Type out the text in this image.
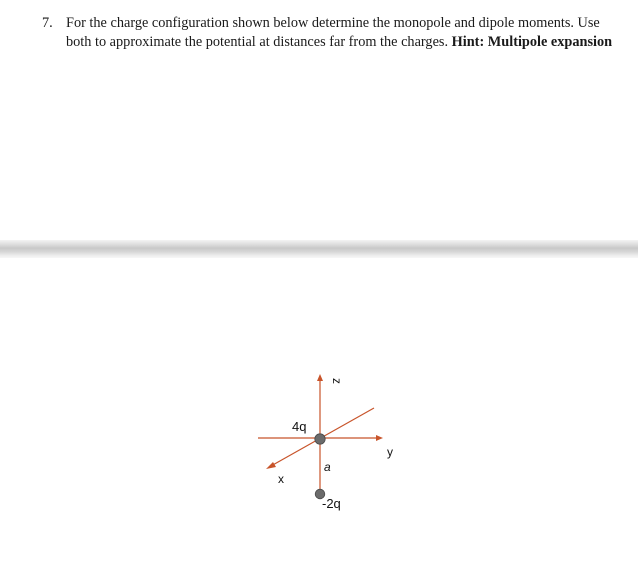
7. For the charge configuration shown below determine the monopole and dipole moments. Use
both to approximate the potential at distances far from the charges. Hint: Multipole expansion
z
y
x
4q
-2q
a
